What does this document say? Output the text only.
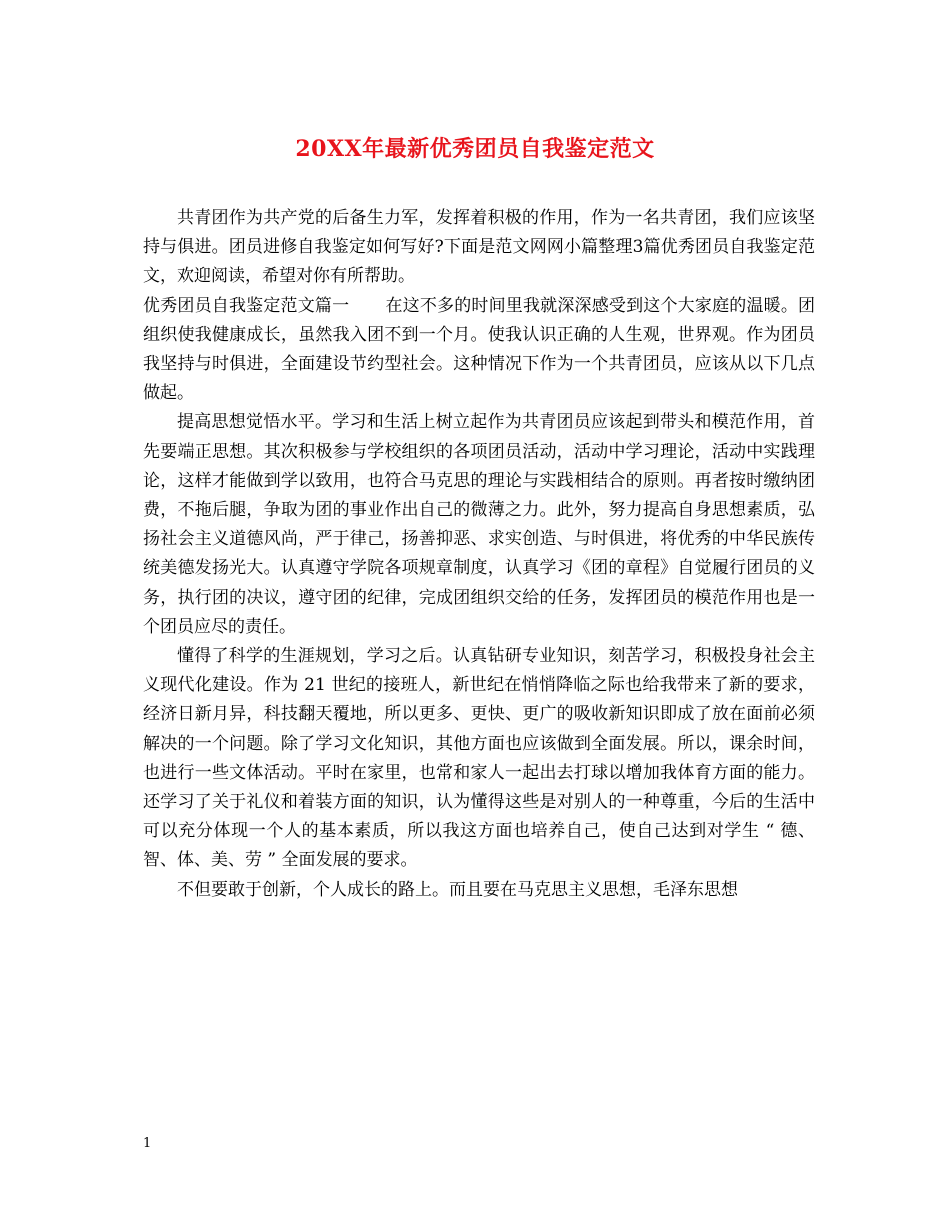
20XX年最新优秀团员自我鉴定范文

共青团作为共产党的后备生力军，发挥着积极的作用，作为一名共青团，我们应该坚持与俱进。团员进修自我鉴定如何写好?下面是范文网网小篇整理3篇优秀团员自我鉴定范文，欢迎阅读，希望对你有所帮助。

优秀团员自我鉴定范文篇一 在这不多的时间里我就深深感受到这个大家庭的温暖。团组织使我健康成长，虽然我入团不到一个月。使我认识正确的人生观，世界观。作为团员我坚持与时俱进，全面建设节约型社会。这种情况下作为一个共青团员，应该从以下几点做起。

提高思想觉悟水平。学习和生活上树立起作为共青团员应该起到带头和模范作用，首先要端正思想。其次积极参与学校组织的各项团员活动，活动中学习理论，活动中实践理论，这样才能做到学以致用，也符合马克思的理论与实践相结合的原则。再者按时缴纳团费，不拖后腿，争取为团的事业作出自己的微薄之力。此外，努力提高自身思想素质，弘扬社会主义道德风尚，严于律己，扬善抑恶、求实创造、与时俱进，将优秀的中华民族传统美德发扬光大。认真遵守学院各项规章制度，认真学习《团的章程》自觉履行团员的义务，执行团的决议，遵守团的纪律，完成团组织交给的任务，发挥团员的模范作用也是一个团员应尽的责任。

懂得了科学的生涯规划，学习之后。认真钻研专业知识，刻苦学习，积极投身社会主义现代化建设。作为 21 世纪的接班人，新世纪在悄悄降临之际也给我带来了新的要求，经济日新月异，科技翻天覆地，所以更多、更快、更广的吸收新知识即成了放在面前必须解决的一个问题。除了学习文化知识，其他方面也应该做到全面发展。所以，课余时间，也进行一些文体活动。平时在家里，也常和家人一起出去打球以增加我体育方面的能力。还学习了关于礼仪和着装方面的知识，认为懂得这些是对别人的一种尊重，今后的生活中可以充分体现一个人的基本素质，所以我这方面也培养自己，使自己达到对学生 “ 德、智、体、美、劳 ” 全面发展的要求。

不但要敢于创新，个人成长的路上。而且要在马克思主义思想，毛泽东思想

1
